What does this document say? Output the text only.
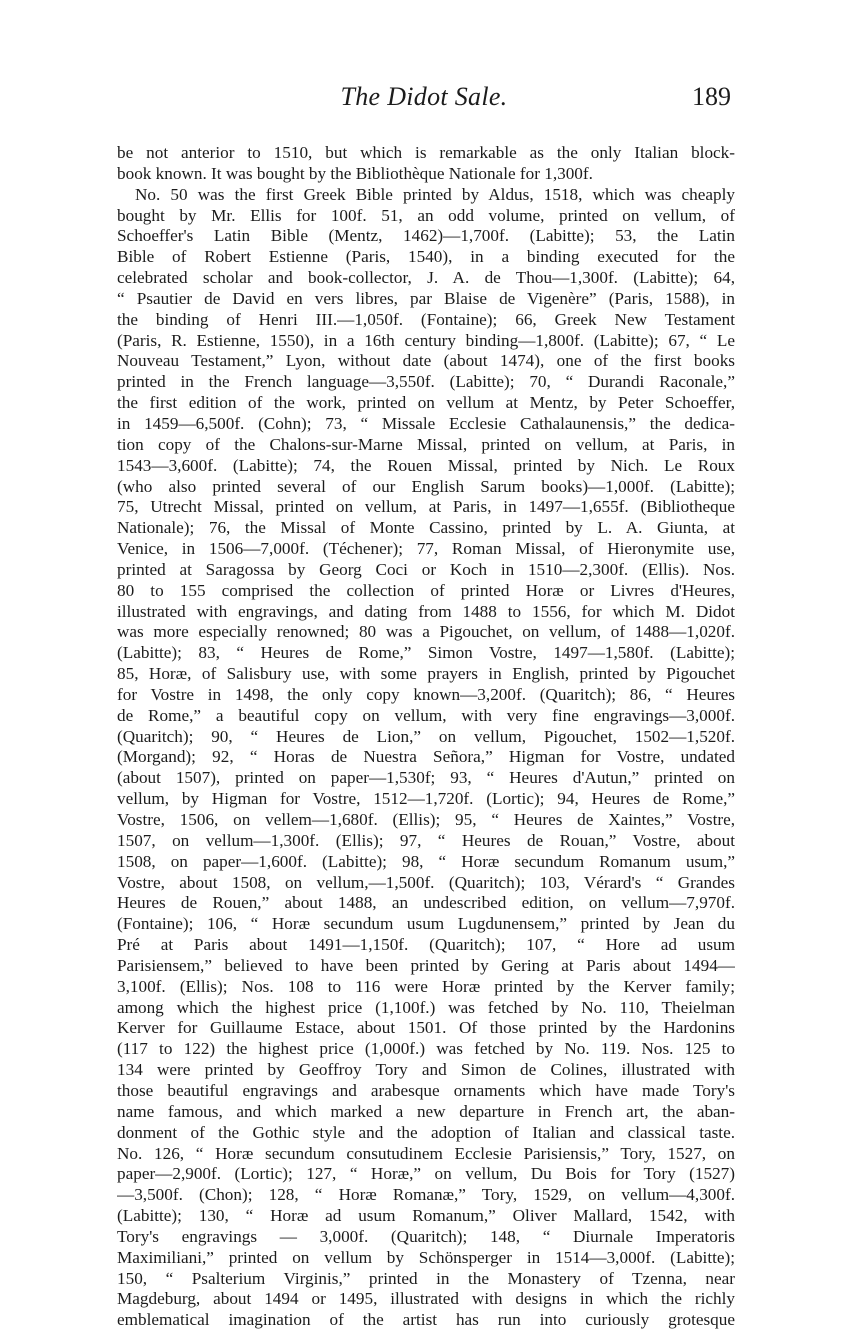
The Didot Sale.	189
be not anterior to 1510, but which is remarkable as the only Italian block-
book known. It was bought by the Bibliothèque Nationale for 1,300f.
No. 50 was the first Greek Bible printed by Aldus, 1518, which was cheaply
bought by Mr. Ellis for 100f. 51, an odd volume, printed on vellum, of
Schoeffer's Latin Bible (Mentz, 1462)—1,700f. (Labitte); 53, the Latin
Bible of Robert Estienne (Paris, 1540), in a binding executed for the
celebrated scholar and book-collector, J. A. de Thou—1,300f. (Labitte); 64,
“ Psautier de David en vers libres, par Blaise de Vigenère” (Paris, 1588), in
the binding of Henri III.—1,050f. (Fontaine); 66, Greek New Testament
(Paris, R. Estienne, 1550), in a 16th century binding—1,800f. (Labitte); 67, “ Le
Nouveau Testament,” Lyon, without date (about 1474), one of the first books
printed in the French language—3,550f. (Labitte); 70, “ Durandi Raconale,”
the first edition of the work, printed on vellum at Mentz, by Peter Schoeffer,
in 1459—6,500f. (Cohn); 73, “ Missale Ecclesie Cathalaunensis,” the dedica-
tion copy of the Chalons-sur-Marne Missal, printed on vellum, at Paris, in
1543—3,600f. (Labitte); 74, the Rouen Missal, printed by Nich. Le Roux
(who also printed several of our English Sarum books)—1,000f. (Labitte);
75, Utrecht Missal, printed on vellum, at Paris, in 1497—1,655f. (Bibliotheque
Nationale); 76, the Missal of Monte Cassino, printed by L. A. Giunta, at
Venice, in 1506—7,000f. (Téchener); 77, Roman Missal, of Hieronymite use,
printed at Saragossa by Georg Coci or Koch in 1510—2,300f. (Ellis). Nos.
80 to 155 comprised the collection of printed Horæ or Livres d'Heures,
illustrated with engravings, and dating from 1488 to 1556, for which M. Didot
was more especially renowned; 80 was a Pigouchet, on vellum, of 1488—1,020f.
(Labitte); 83, “ Heures de Rome,” Simon Vostre, 1497—1,580f. (Labitte);
85, Horæ, of Salisbury use, with some prayers in English, printed by Pigouchet
for Vostre in 1498, the only copy known—3,200f. (Quaritch); 86, “ Heures
de Rome,” a beautiful copy on vellum, with very fine engravings—3,000f.
(Quaritch); 90, “ Heures de Lion,” on vellum, Pigouchet, 1502—1,520f.
(Morgand); 92, “ Horas de Nuestra Señora,” Higman for Vostre, undated
(about 1507), printed on paper—1,530f; 93, “ Heures d'Autun,” printed on
vellum, by Higman for Vostre, 1512—1,720f. (Lortic); 94, Heures de Rome,”
Vostre, 1506, on vellem—1,680f. (Ellis); 95, “ Heures de Xaintes,” Vostre,
1507, on vellum—1,300f. (Ellis); 97, “ Heures de Rouan,” Vostre, about
1508, on paper—1,600f. (Labitte); 98, “ Horæ secundum Romanum usum,”
Vostre, about 1508, on vellum,—1,500f. (Quaritch); 103, Vérard's “ Grandes
Heures de Rouen,” about 1488, an undescribed edition, on vellum—7,970f.
(Fontaine); 106, “ Horæ secundum usum Lugdunensem,” printed by Jean du
Pré at Paris about 1491—1,150f. (Quaritch); 107, “ Hore ad usum
Parisiensem,” believed to have been printed by Gering at Paris about 1494—
3,100f. (Ellis); Nos. 108 to 116 were Horæ printed by the Kerver family;
among which the highest price (1,100f.) was fetched by No. 110, Theielman
Kerver for Guillaume Estace, about 1501. Of those printed by the Hardonins
(117 to 122) the highest price (1,000f.) was fetched by No. 119. Nos. 125 to
134 were printed by Geoffroy Tory and Simon de Colines, illustrated with
those beautiful engravings and arabesque ornaments which have made Tory's
name famous, and which marked a new departure in French art, the aban-
donment of the Gothic style and the adoption of Italian and classical taste.
No. 126, “ Horæ secundum consutudinem Ecclesie Parisiensis,” Tory, 1527, on
paper—2,900f. (Lortic); 127, “ Horæ,” on vellum, Du Bois for Tory (1527)
—3,500f. (Chon); 128, “ Horæ Romanæ,” Tory, 1529, on vellum—4,300f.
(Labitte); 130, “ Horæ ad usum Romanum,” Oliver Mallard, 1542, with
Tory's engravings — 3,000f. (Quaritch); 148, “ Diurnale Imperatoris
Maximiliani,” printed on vellum by Schönsperger in 1514—3,000f. (Labitte);
150, “ Psalterium Virginis,” printed in the Monastery of Tzenna, near
Magdeburg, about 1494 or 1495, illustrated with designs in which the richly
emblematical imagination of the artist has run into curiously grotesque
